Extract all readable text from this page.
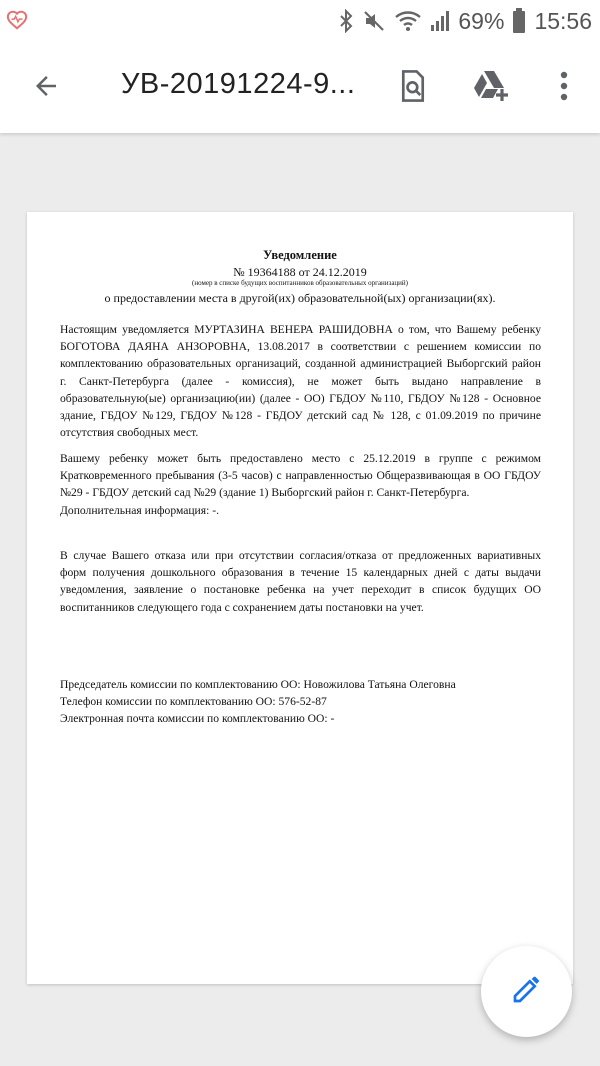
69% 15:56
УВ-20191224-9...
Уведомление
№ 19364188 от 24.12.2019
(номер в списке будущих воспитанников образовательных организаций)
о предоставлении места в другой(их) образовательной(ых) организации(ях).
Настоящим уведомляется МУРТАЗИНА ВЕНЕРА РАШИДОВНА о том, что Вашему ребенку БОГОТОВА ДАЯНА АНЗОРОВНА, 13.08.2017 в соответствии с решением комиссии по комплектованию образовательных организаций, созданной администрацией Выборгский район г. Санкт-Петербурга (далее - комиссия), не может быть выдано направление в образовательную(ые) организацию(ии) (далее - ОО) ГБДОУ №110, ГБДОУ №128 - Основное здание, ГБДОУ №129, ГБДОУ №128 - ГБДОУ детский сад № 128, с 01.09.2019 по причине отсутствия свободных мест.
Вашему ребенку может быть предоставлено место с 25.12.2019 в группе с режимом Кратковременного пребывания (3-5 часов) с направленностью Общеразвивающая в ОО ГБДОУ №29 - ГБДОУ детский сад №29 (здание 1) Выборгский район г. Санкт-Петербурга.
Дополнительная информация: -.
В случае Вашего отказа или при отсутствии согласия/отказа от предложенных вариативных форм получения дошкольного образования в течение 15 календарных дней с даты выдачи уведомления, заявление о постановке ребенка на учет переходит в список будущих ОО воспитанников следующего года с сохранением даты постановки на учет.
Председатель комиссии по комплектованию ОО: Новожилова Татьяна Олеговна
Телефон комиссии по комплектованию ОО: 576-52-87
Электронная почта комиссии по комплектованию ОО: -
